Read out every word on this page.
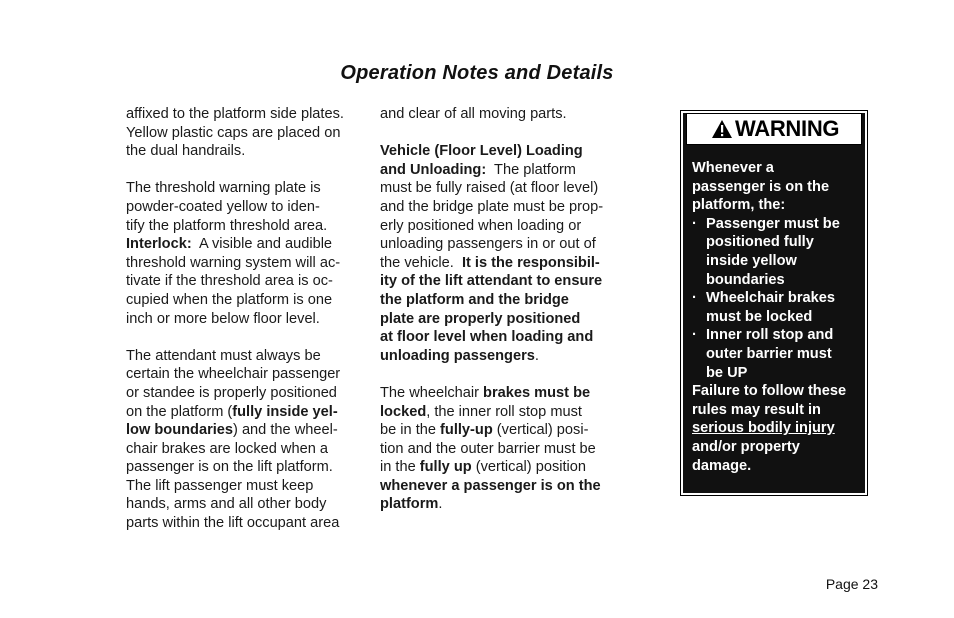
Operation Notes and Details

affixed to the platform side plates.

Yellow plastic caps are placed on

the dual handrails.

The threshold warning plate is

powder-coated yellow to iden-

tify the platform threshold area.

Interlock:  A visible and audible

threshold warning system will ac-

tivate if the threshold area is oc-

cupied when the platform is one

inch or more below floor level.

The attendant must always be

certain the wheelchair passenger

or standee is properly positioned

on the platform (fully inside yel-

low boundaries) and the wheel-

chair brakes are locked when a

passenger is on the lift platform.

The lift passenger must keep

hands, arms and all other body

parts within the lift occupant area

and clear of all moving parts.

Vehicle (Floor Level) Loading

and Unloading:  The platform

must be fully raised (at floor level)

and the bridge plate must be prop-

erly positioned when loading or

unloading passengers in or out of

the vehicle.  It is the responsibil-

ity of the lift attendant to ensure

the platform and the bridge

plate are properly positioned

at floor level when loading and

unloading passengers.

The wheelchair brakes must be

locked, the inner roll stop must

be in the fully-up (vertical) posi-

tion and the outer barrier must be

in the fully up (vertical) position

whenever a passenger is on the

platform.

WARNING

Whenever a

passenger is on the

platform, the:

· Passenger must be

positioned fully

inside yellow

boundaries

· Wheelchair brakes

must be locked

· Inner roll stop and

outer barrier must

be UP

Failure to follow these

rules may result in

serious bodily injury

and/or property

damage.

Page 23
